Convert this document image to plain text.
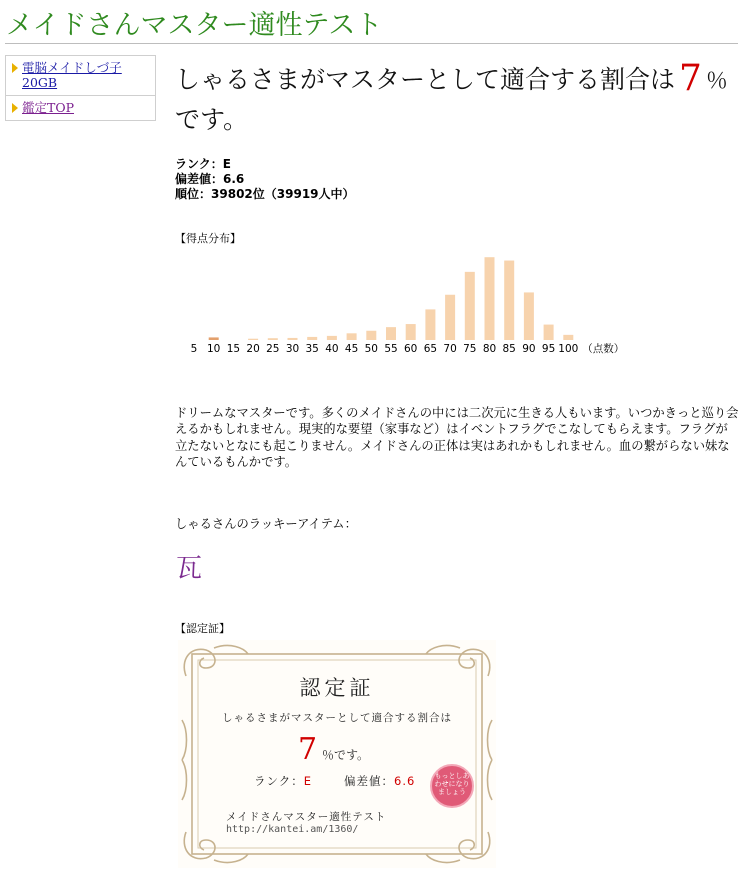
メイドさんマスター適性テスト
電脳メイドしづ子20GB
鑑定TOP
しゃるさまがマスターとして適合する割合は 7 ％
です。
ランク：E
偏差値：6.6
順位：39802位（39919人中）
【得点分布】
5 10 15 20 25 30 35 40 45 50 55 60 65 70 75 80 85 90 95 100 （点数）
ドリームなマスターです。多くのメイドさんの中には二次元に生きる人もいます。いつかきっと巡り会えるかもしれません。現実的な要望（家事など）はイベントフラグでこなしてもらえます。フラグが立たないとなにも起こりません。メイドさんの正体は実はあれかもしれません。血の繋がらない妹なんているもんかです。
しゃるさんのラッキーアイテム：
瓦
【認定証】
認定証
しゃるさまがマスターとして適合する割合は
7 ％です。
ランク：E	偏差値：6.6	もっとしあわせになりましょう
メイドさんマスター適性テスト
http://kantei.am/1360/
